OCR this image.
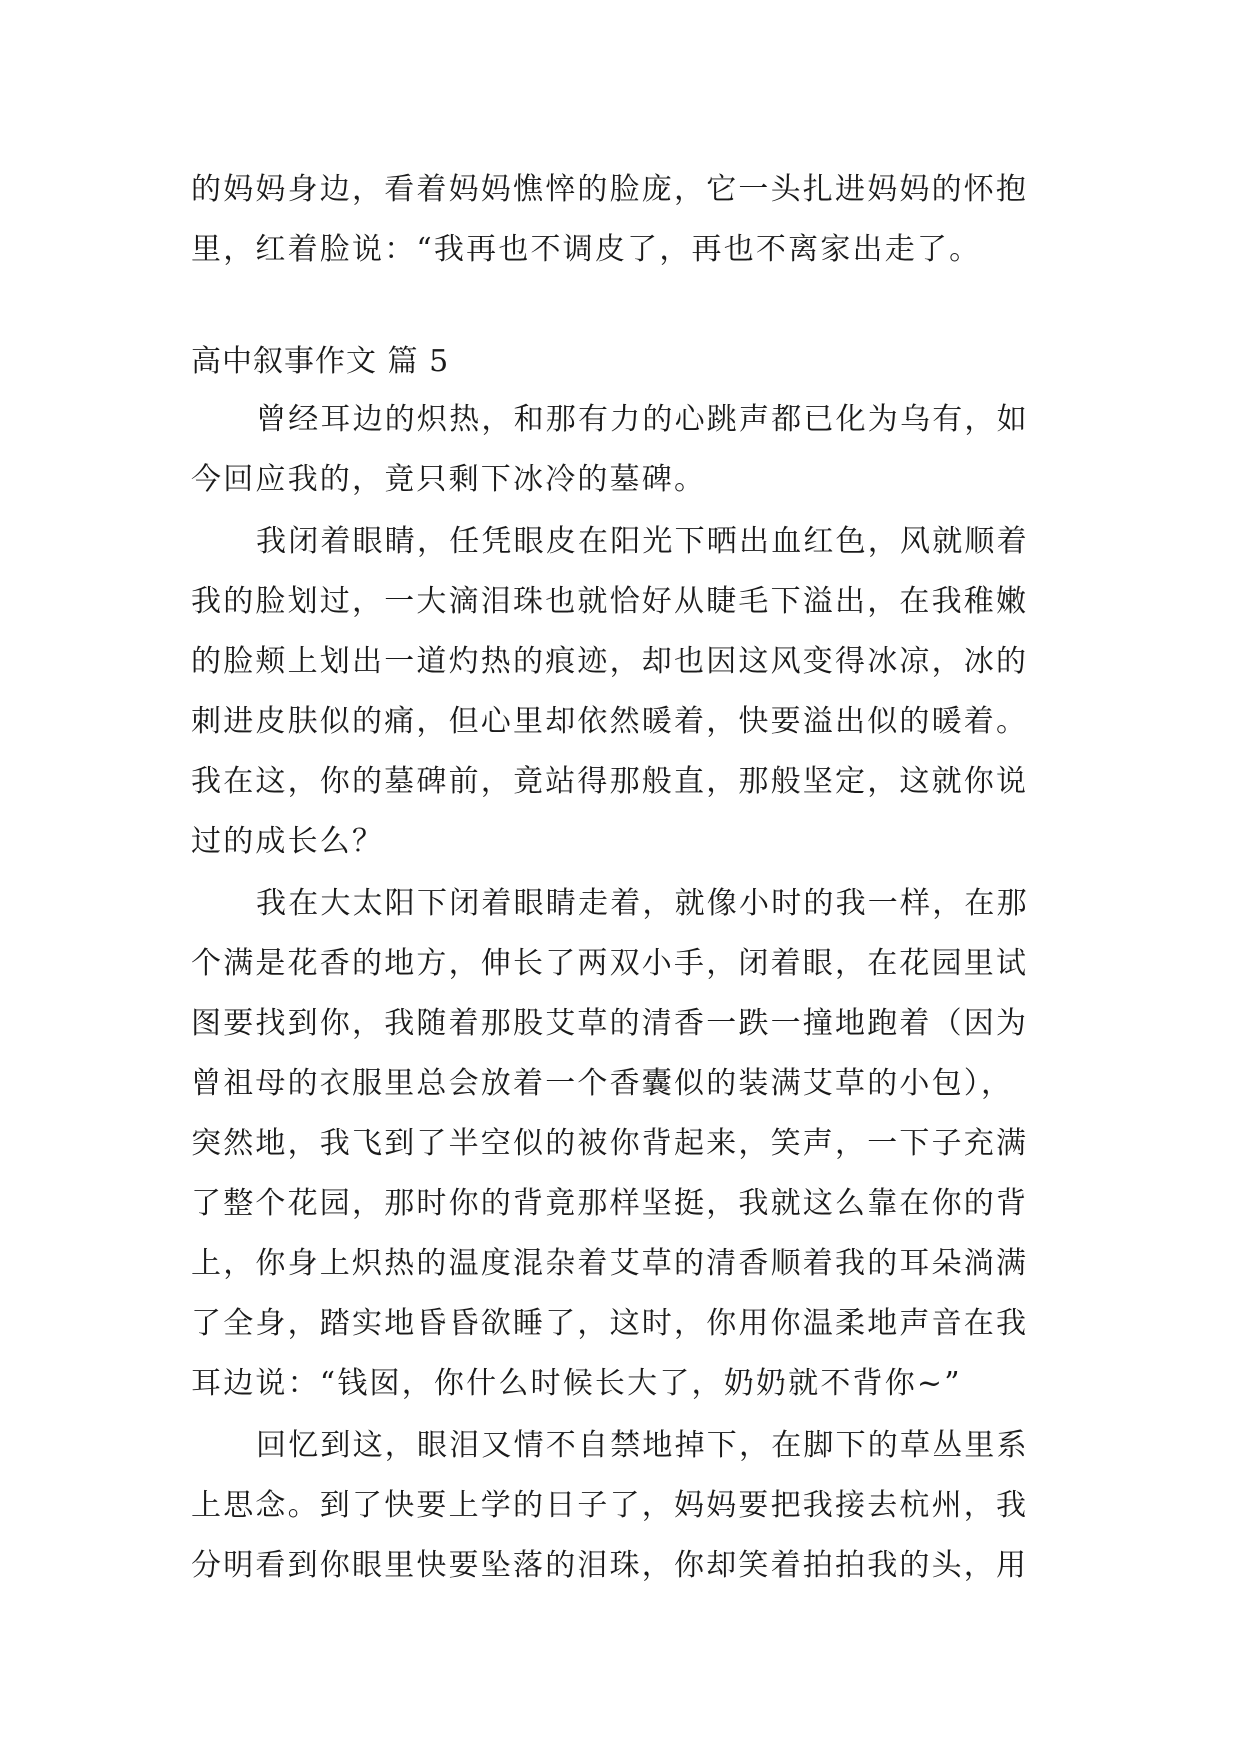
的妈妈身边，看着妈妈憔悴的脸庞，它一头扎进妈妈的怀抱
里，红着脸说：“我再也不调皮了，再也不离家出走了。
高中叙事作文 篇 5
曾经耳边的炽热，和那有力的心跳声都已化为乌有，如
今回应我的，竟只剩下冰冷的墓碑。
我闭着眼睛，任凭眼皮在阳光下晒出血红色，风就顺着
我的脸划过，一大滴泪珠也就恰好从睫毛下溢出，在我稚嫩
的脸颊上划出一道灼热的痕迹，却也因这风变得冰凉，冰的
刺进皮肤似的痛，但心里却依然暖着，快要溢出似的暖着。
我在这，你的墓碑前，竟站得那般直，那般坚定，这就你说
过的成长么？
我在大太阳下闭着眼睛走着，就像小时的我一样，在那
个满是花香的地方，伸长了两双小手，闭着眼，在花园里试
图要找到你，我随着那股艾草的清香一跌一撞地跑着（因为
曾祖母的衣服里总会放着一个香囊似的装满艾草的小包），
突然地，我飞到了半空似的被你背起来，笑声，一下子充满
了整个花园，那时你的背竟那样坚挺，我就这么靠在你的背
上，你身上炽热的温度混杂着艾草的清香顺着我的耳朵淌满
了全身，踏实地昏昏欲睡了，这时，你用你温柔地声音在我
耳边说：“钱囡，你什么时候长大了，奶奶就不背你~”
回忆到这，眼泪又情不自禁地掉下，在脚下的草丛里系
上思念。到了快要上学的日子了，妈妈要把我接去杭州，我
分明看到你眼里快要坠落的泪珠，你却笑着拍拍我的头，用
